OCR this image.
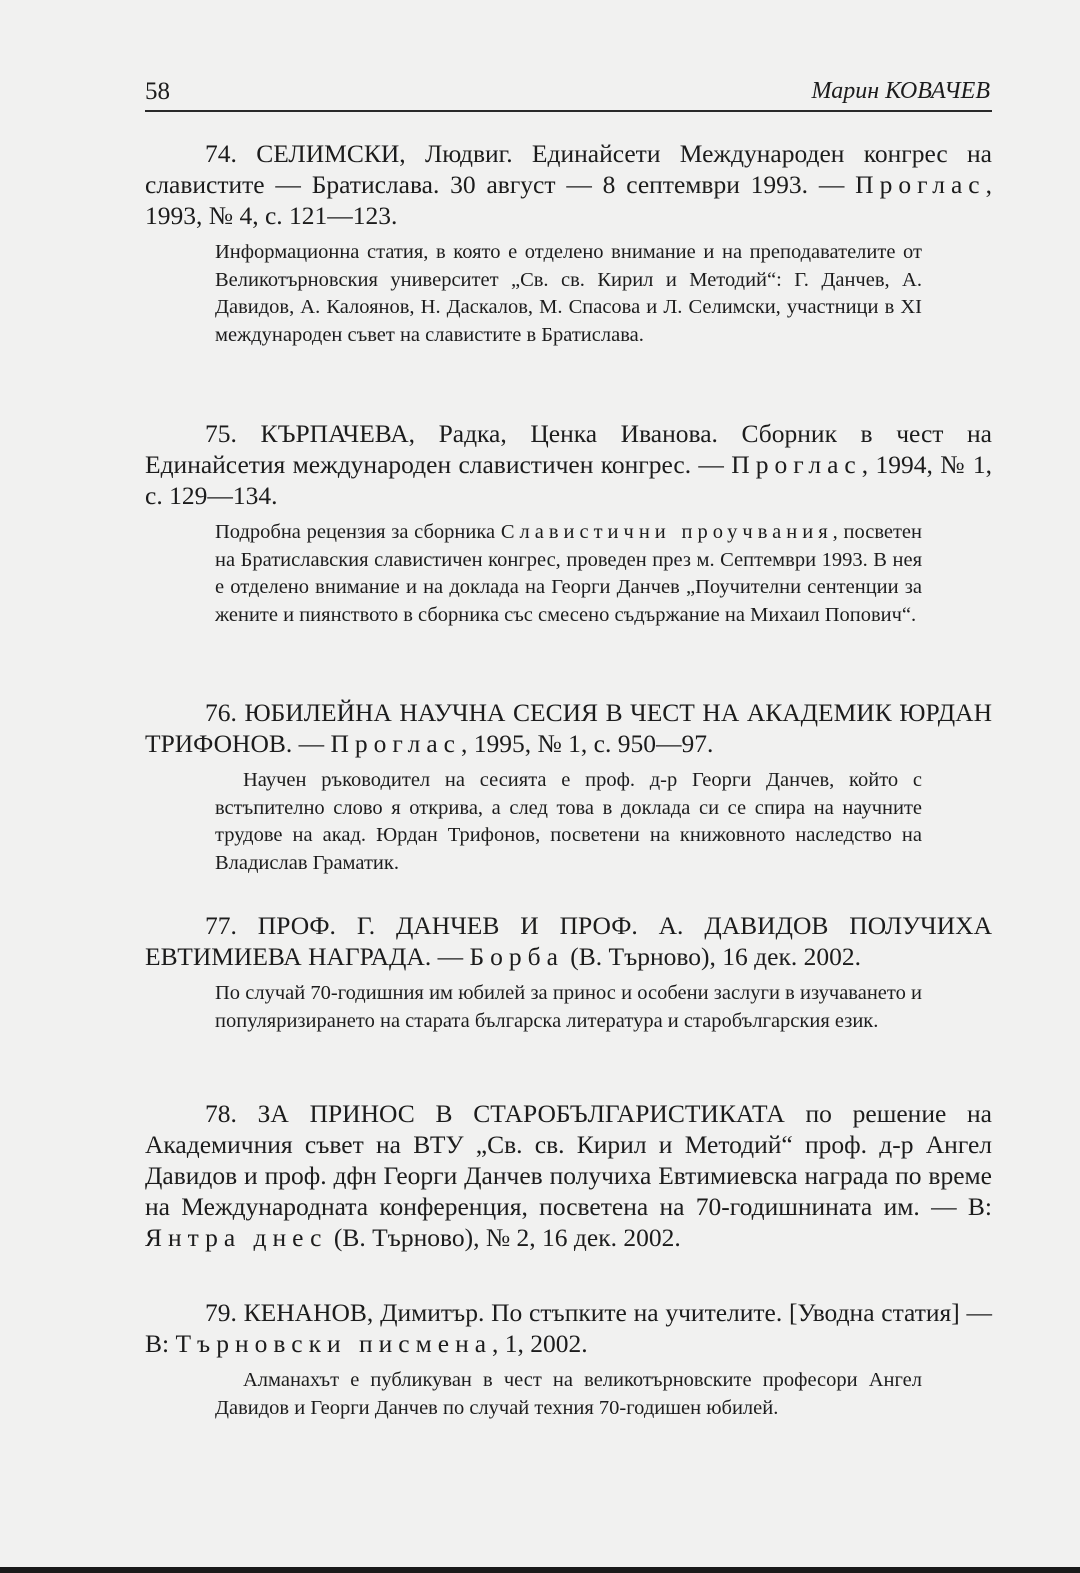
58	Марин КОВАЧЕВ

74. СЕЛИМСКИ, Людвиг. Единайсети Международен конгрес на славистите — Братислава. 30 август — 8 септември 1993. — Проглас, 1993, № 4, с. 121—123.

Информационна статия, в която е отделено внимание и на преподавателите от Великотърновския университет „Св. св. Кирил и Методий“: Г. Данчев, А. Давидов, А. Калоянов, Н. Даскалов, М. Спасова и Л. Селимски, участници в XI международен съвет на славистите в Братислава.

75. КЪРПАЧЕВА, Радка, Ценка Иванова. Сборник в чест на Единайсетия международен славистичен конгрес. — Проглас, 1994, № 1, с. 129—134.

Подробна рецензия за сборника Славистични проучвания, посветен на Братиславския славистичен конгрес, проведен през м. Септември 1993. В нея е отделено внимание и на доклада на Георги Данчев „Поучителни сентенции за жените и пиянството в сборника със смесено съдържание на Михаил Попович“.

76. ЮБИЛЕЙНА НАУЧНА СЕСИЯ В ЧЕСТ НА АКАДЕМИК ЮРДАН ТРИФОНОВ. — Проглас, 1995, № 1, с. 950—97.

Научен ръководител на сесията е проф. д-р Георги Данчев, който с встъпително слово я открива, а след това в доклада си се спира на научните трудове на акад. Юрдан Трифонов, посветени на книжовното наследство на Владислав Граматик.

77. ПРОФ. Г. ДАНЧЕВ И ПРОФ. А. ДАВИДОВ ПОЛУЧИХА ЕВТИМИЕВА НАГРАДА. — Борба (В. Търново), 16 дек. 2002.

По случай 70-годишния им юбилей за принос и особени заслуги в изучаването и популяризирането на старата българска литература и старобългарския език.

78. ЗА ПРИНОС В СТАРОБЪЛГАРИСТИКАТА по решение на Академичния съвет на ВТУ „Св. св. Кирил и Методий“ проф. д-р Ангел Давидов и проф. дфн Георги Данчев получиха Евтимиевска награда по време на Международната конференция, посветена на 70-годишнината им. — В: Янтра днес (В. Търново), № 2, 16 дек. 2002.

79. КЕНАНОВ, Димитър. По стъпките на учителите. [Уводна статия] — В: Търновски писмена, 1, 2002.

Алманахът е публикуван в чест на великотърновските професори Ангел Давидов и Георги Данчев по случай техния 70-годишен юбилей.
